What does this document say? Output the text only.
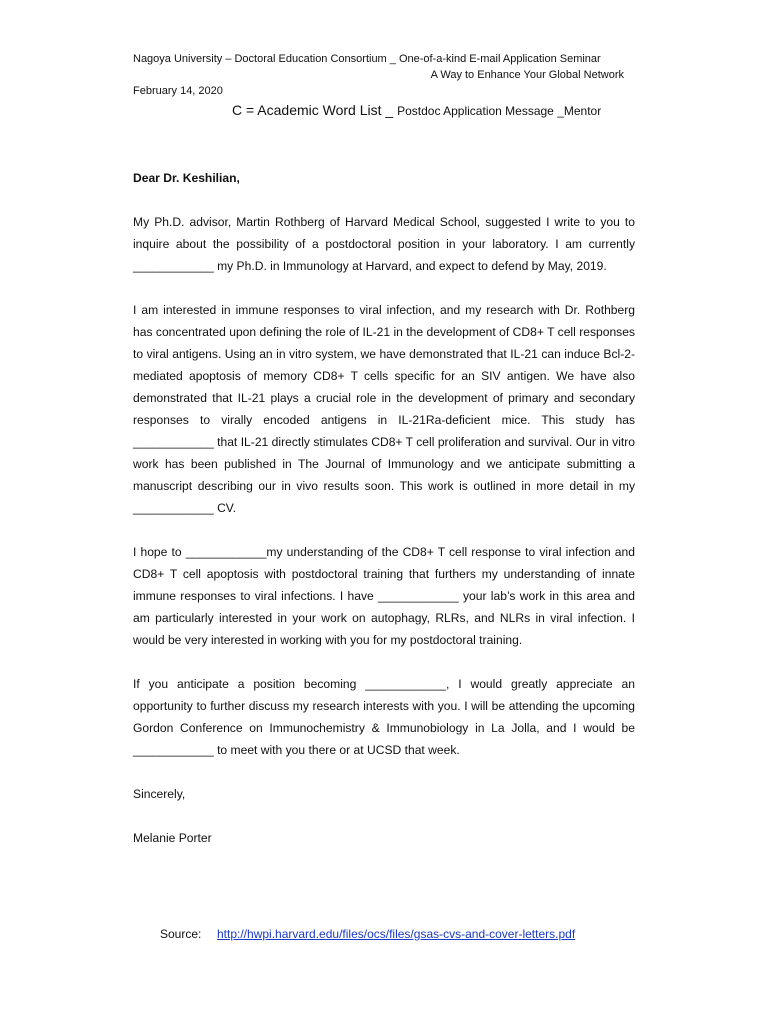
Nagoya University – Doctoral Education Consortium _ One-of-a-kind E-mail Application Seminar
A Way to Enhance Your Global Network
February 14, 2020
C = Academic Word List _ Postdoc Application Message _Mentor

Dear Dr. Keshilian,

My Ph.D. advisor, Martin Rothberg of Harvard Medical School, suggested I write to you to inquire about the possibility of a postdoctoral position in your laboratory. I am currently ____________ my Ph.D. in Immunology at Harvard, and expect to defend by May, 2019.

I am interested in immune responses to viral infection, and my research with Dr. Rothberg has concentrated upon defining the role of IL-21 in the development of CD8+ T cell responses to viral antigens. Using an in vitro system, we have demonstrated that IL-21 can induce Bcl-2- mediated apoptosis of memory CD8+ T cells specific for an SIV antigen. We have also demonstrated that IL-21 plays a crucial role in the development of primary and secondary responses to virally encoded antigens in IL-21Ra-deficient mice. This study has ____________ that IL-21 directly stimulates CD8+ T cell proliferation and survival. Our in vitro work has been published in The Journal of Immunology and we anticipate submitting a manuscript describing our in vivo results soon. This work is outlined in more detail in my ____________ CV.

I hope to ____________my understanding of the CD8+ T cell response to viral infection and CD8+ T cell apoptosis with postdoctoral training that furthers my understanding of innate immune responses to viral infections. I have ____________ your lab’s work in this area and am particularly interested in your work on autophagy, RLRs, and NLRs in viral infection. I would be very interested in working with you for my postdoctoral training.

If you anticipate a position becoming ____________, I would greatly appreciate an opportunity to further discuss my research interests with you. I will be attending the upcoming Gordon Conference on Immunochemistry & Immunobiology in La Jolla, and I would be ____________ to meet with you there or at UCSD that week.

Sincerely,

Melanie Porter

Source: http://hwpi.harvard.edu/files/ocs/files/gsas-cvs-and-cover-letters.pdf
